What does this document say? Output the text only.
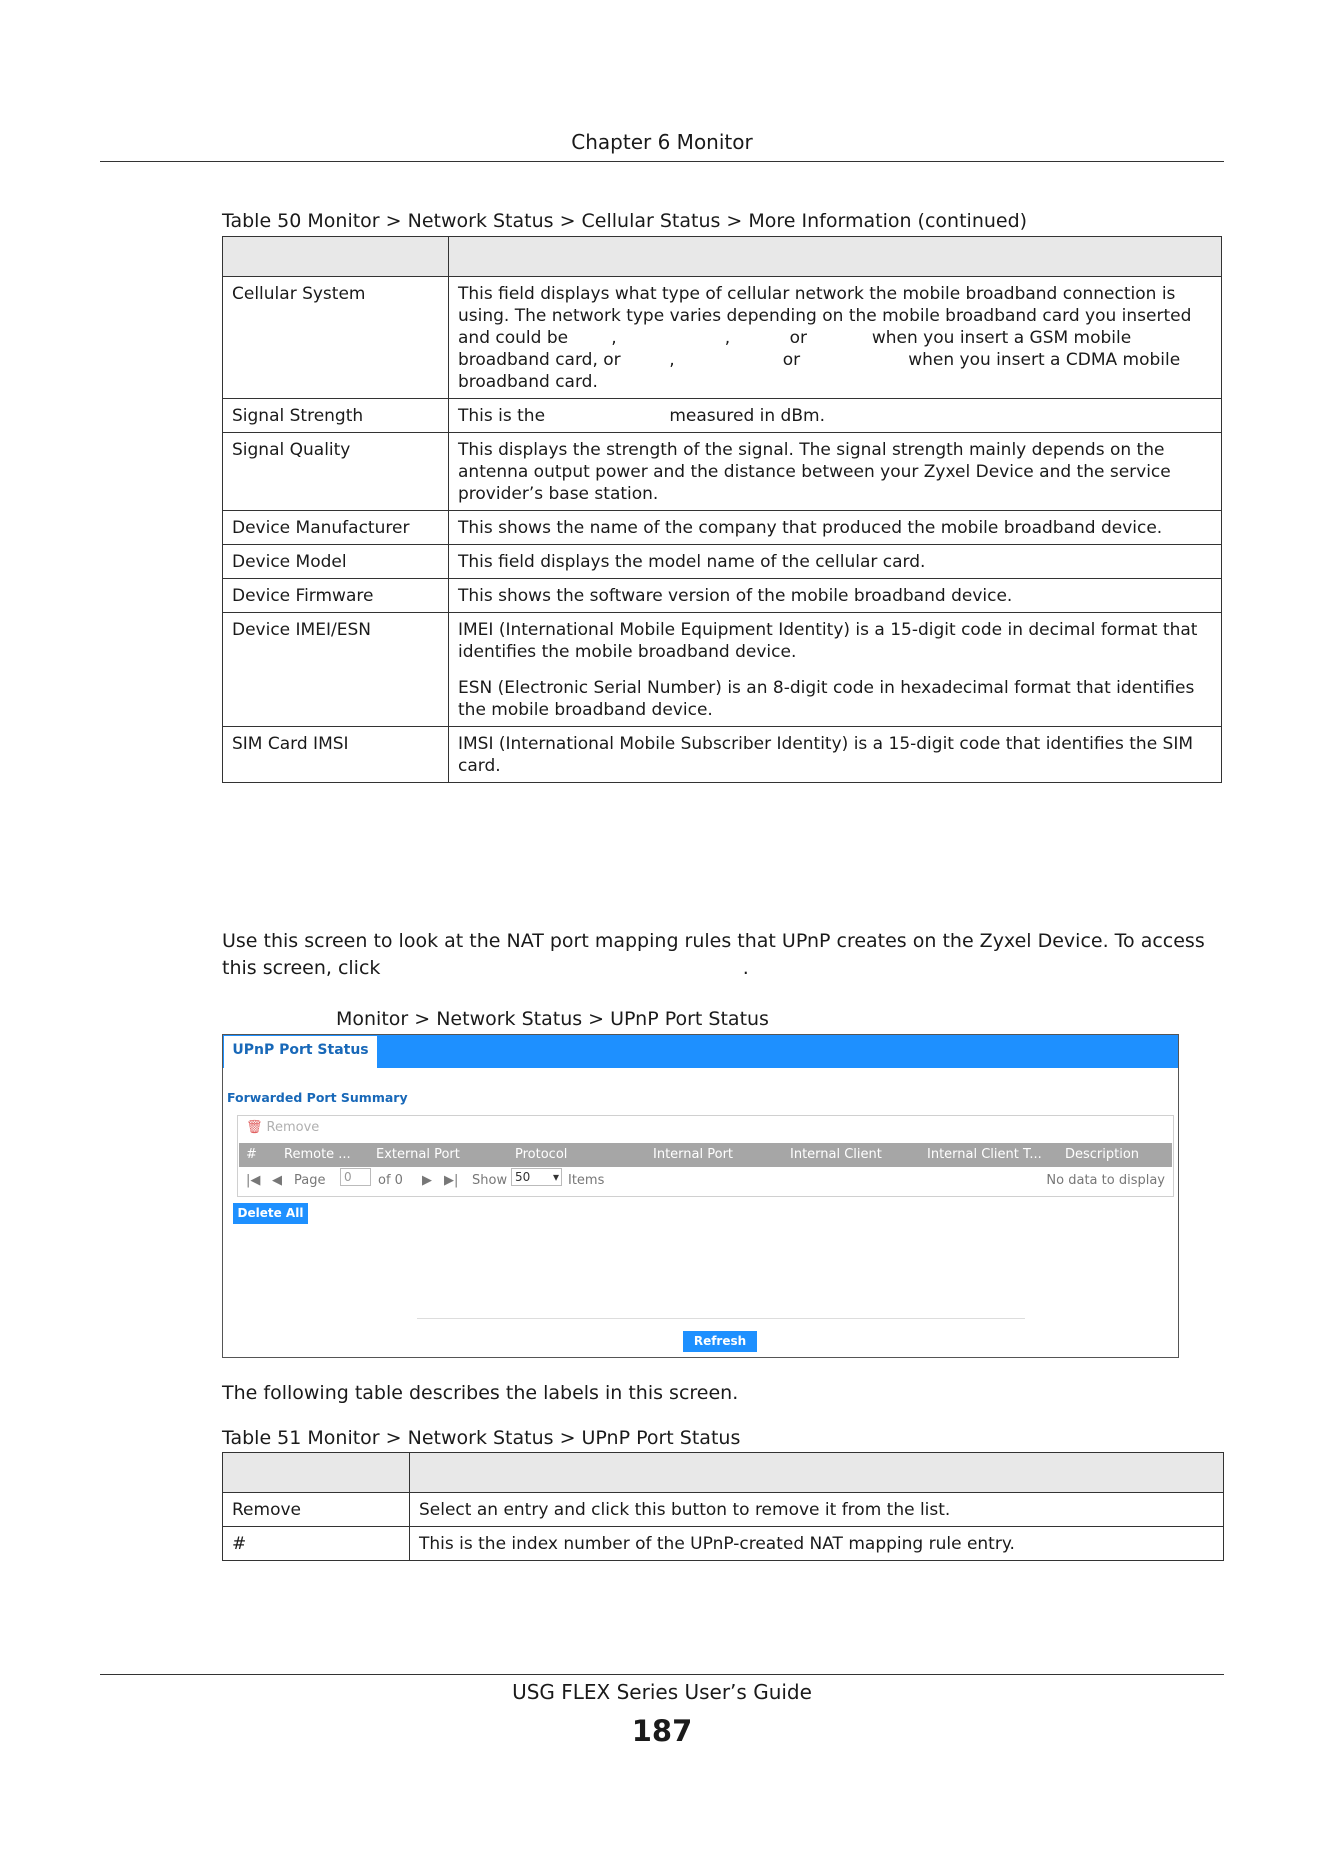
Chapter 6 Monitor
Table 50 Monitor > Network Status > Cellular Status > More Information (continued)

Cellular System	This field displays what type of cellular network the mobile broadband connection is using. The network type varies depending on the mobile broadband card you inserted and could be        ,                    ,           or            when you insert a GSM mobile broadband card, or         ,                    or                    when you insert a CDMA mobile broadband card.

Signal Strength	This is the                       measured in dBm.

Signal Quality	This displays the strength of the signal. The signal strength mainly depends on the antenna output power and the distance between your Zyxel Device and the service provider’s base station.

Device Manufacturer	This shows the name of the company that produced the mobile broadband device.

Device Model	This field displays the model name of the cellular card.

Device Firmware	This shows the software version of the mobile broadband device.

Device IMEI/ESN	IMEI (International Mobile Equipment Identity) is a 15-digit code in decimal format that identifies the mobile broadband device.

ESN (Electronic Serial Number) is an 8-digit code in hexadecimal format that identifies the mobile broadband device.

SIM Card IMSI	IMSI (International Mobile Subscriber Identity) is a 15-digit code that identifies the SIM card.

Use this screen to look at the NAT port mapping rules that UPnP creates on the Zyxel Device. To access
this screen, click                                                            .
Monitor > Network Status > UPnP Port Status
UPnP Port Status
Forwarded Port Summary
🗑 Remove
# Remote ... External Port	Protocol	Internal Port	Internal Client	Internal Client T... Description
|◀ ◀ Page	0	of 0 ▶ ▶| Show 50 ▾ Items	No data to display
Delete All
Refresh
The following table describes the labels in this screen.
Table 51 Monitor > Network Status > UPnP Port Status

Remove	Select an entry and click this button to remove it from the list.
#	This is the index number of the UPnP-created NAT mapping rule entry.
USG FLEX Series User’s Guide
187
